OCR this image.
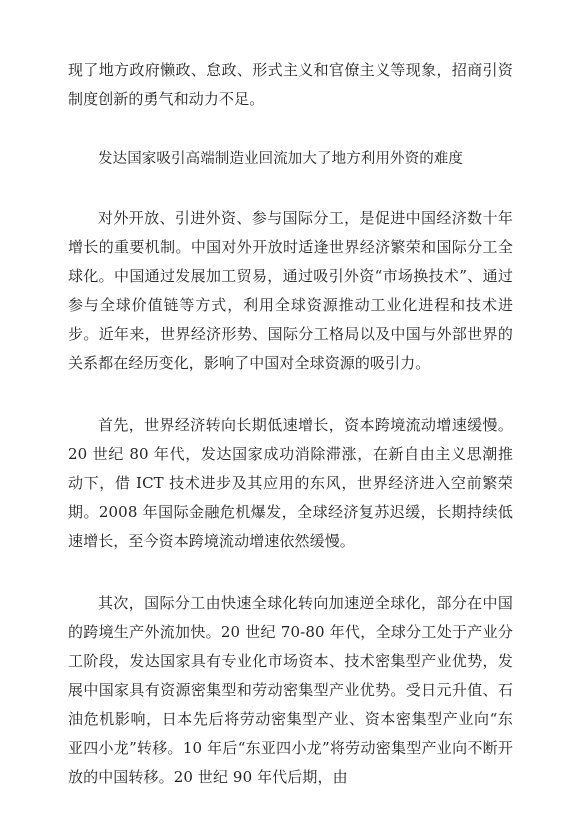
现了地方政府懒政、怠政、形式主义和官僚主义等现象，招商引资制度创新的勇气和动力不足。

发达国家吸引高端制造业回流加大了地方利用外资的难度

对外开放、引进外资、参与国际分工，是促进中国经济数十年增长的重要机制。中国对外开放时适逢世界经济繁荣和国际分工全球化。中国通过发展加工贸易，通过吸引外资“市场换技术”、通过参与全球价值链等方式，利用全球资源推动工业化进程和技术进步。近年来，世界经济形势、国际分工格局以及中国与外部世界的关系都在经历变化，影响了中国对全球资源的吸引力。

首先，世界经济转向长期低速增长，资本跨境流动增速缓慢。20 世纪 80 年代，发达国家成功消除滞涨，在新自由主义思潮推动下，借 ICT 技术进步及其应用的东风，世界经济进入空前繁荣期。2008 年国际金融危机爆发，全球经济复苏迟缓，长期持续低速增长，至今资本跨境流动增速依然缓慢。

其次，国际分工由快速全球化转向加速逆全球化，部分在中国的跨境生产外流加快。20 世纪 70-80 年代，全球分工处于产业分工阶段，发达国家具有专业化市场资本、技术密集型产业优势，发展中国家具有资源密集型和劳动密集型产业优势。受日元升值、石油危机影响，日本先后将劳动密集型产业、资本密集型产业向“东亚四小龙”转移。10 年后“东亚四小龙”将劳动密集型产业向不断开放的中国转移。20 世纪 90 年代后期，由
